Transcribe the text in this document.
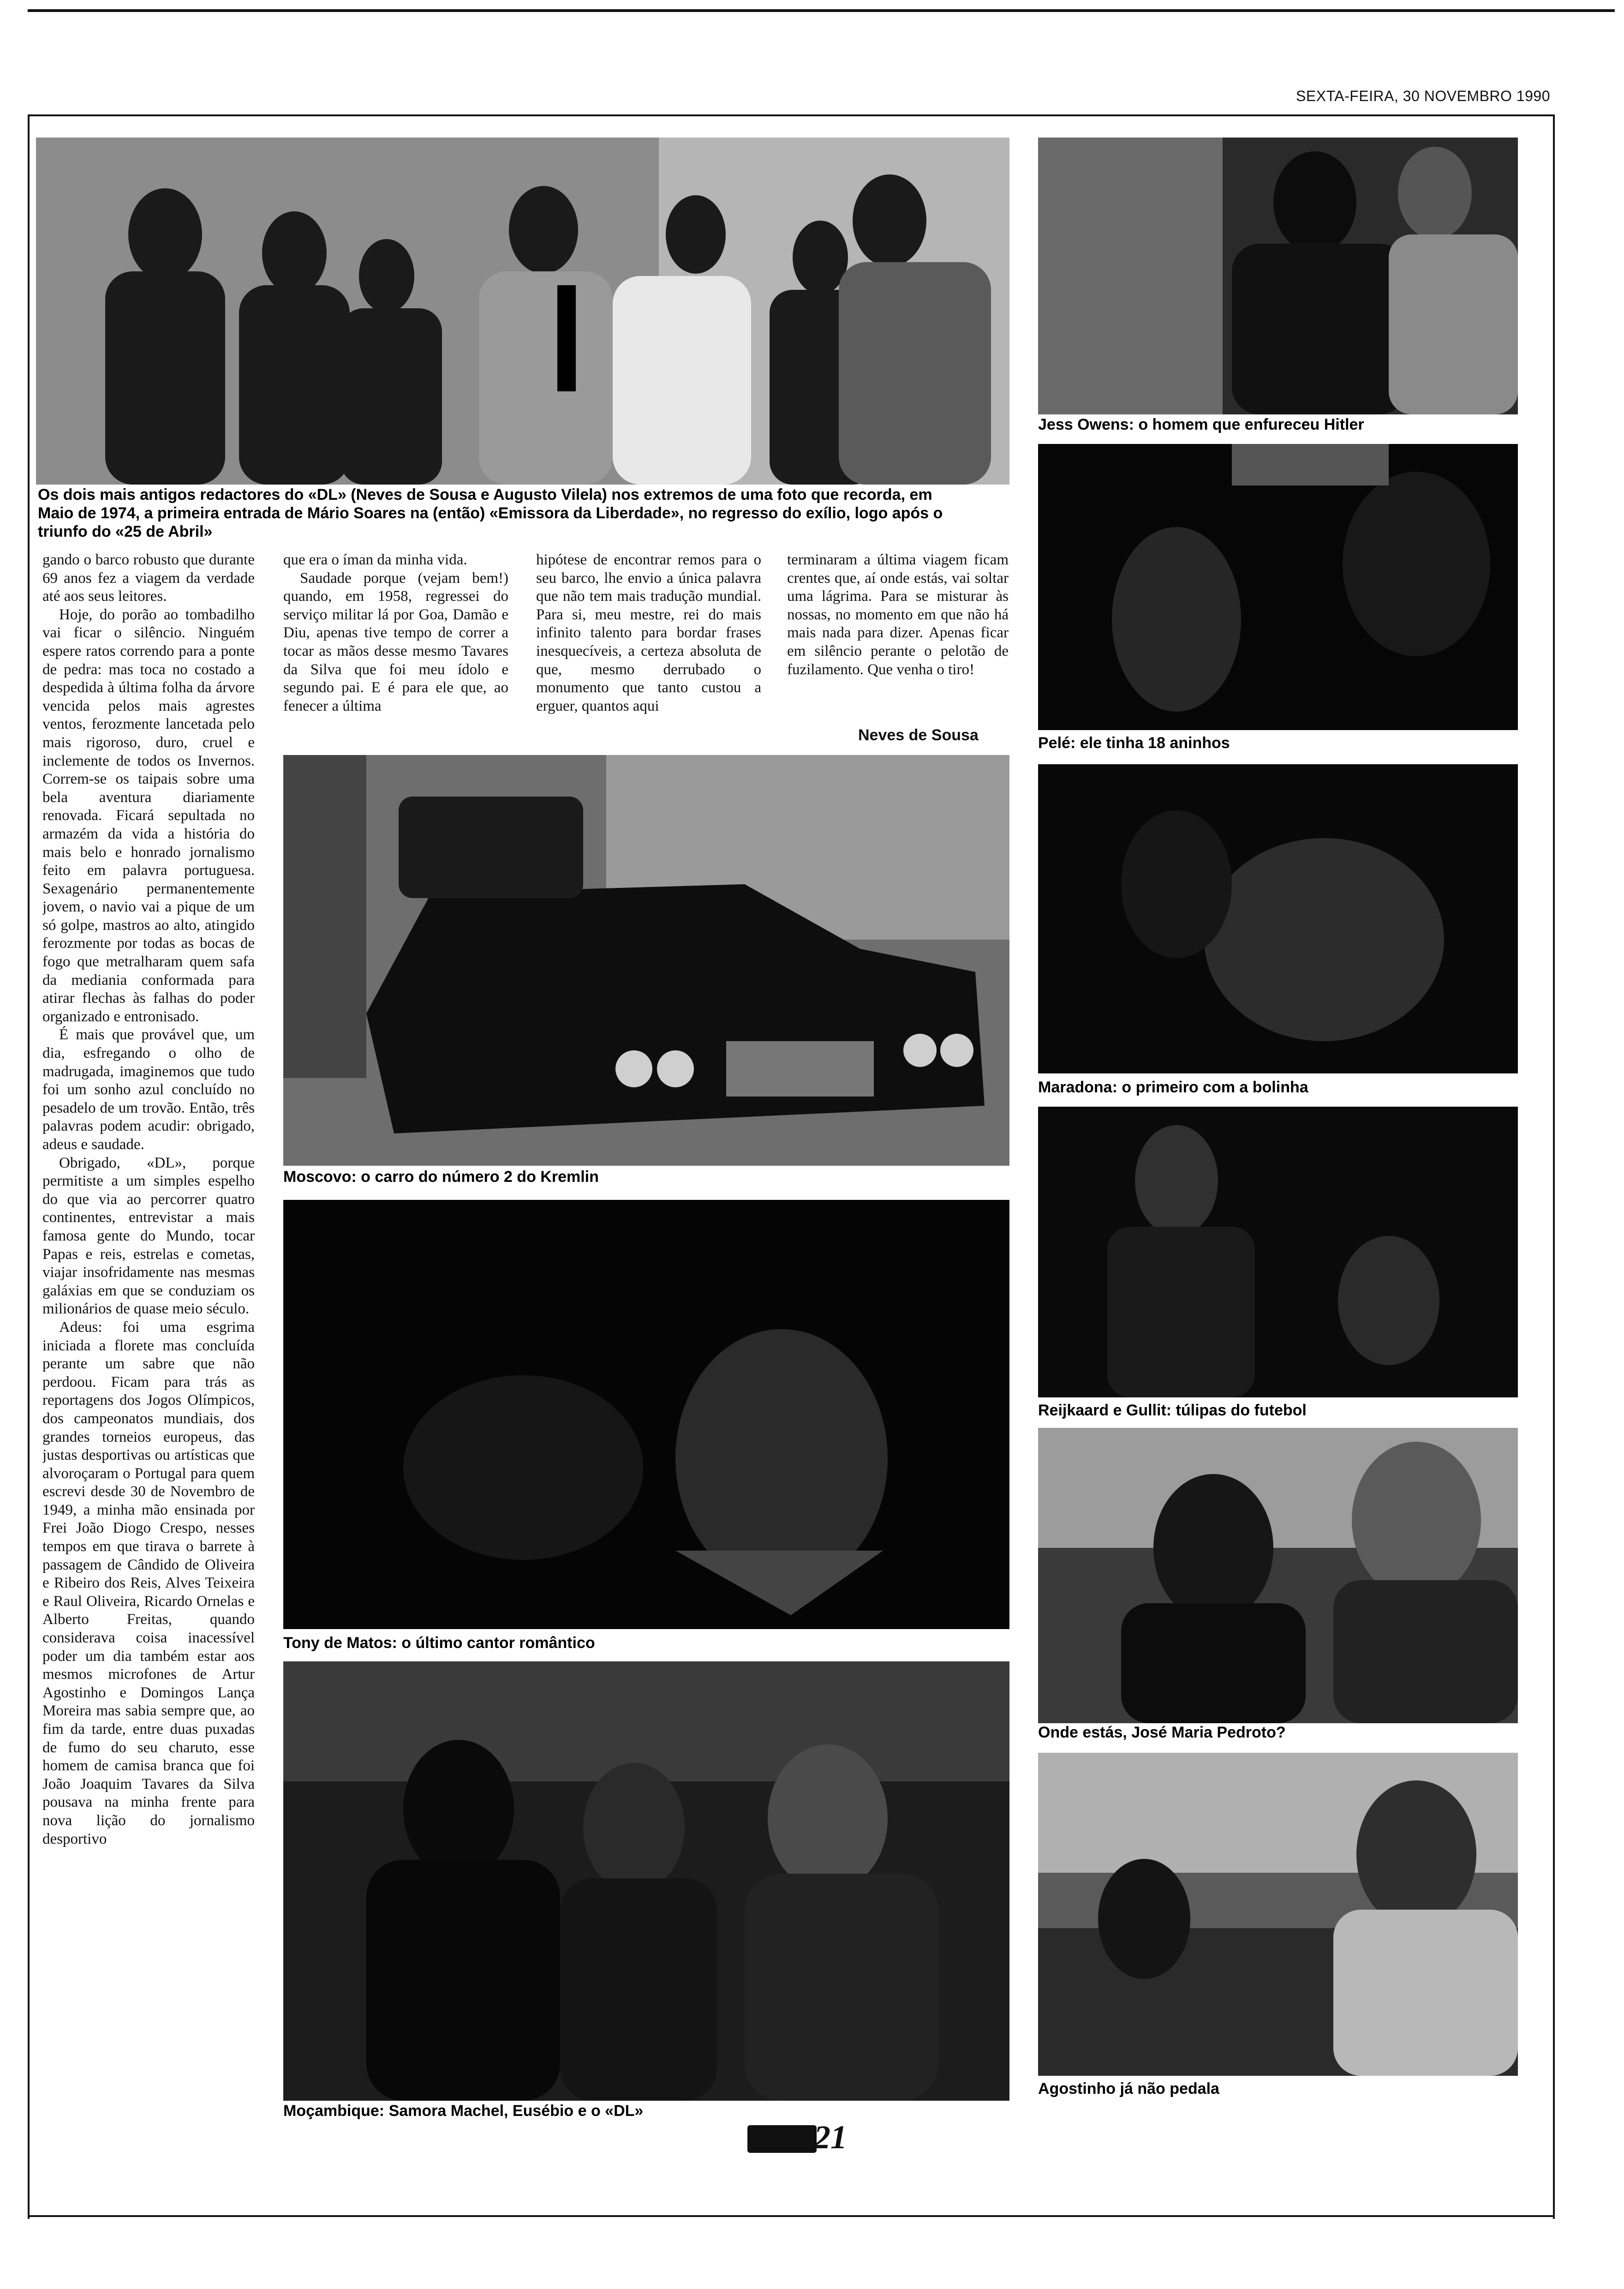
SEXTA-FEIRA, 30 NOVEMBRO 1990
Os dois mais antigos redactores do «DL» (Neves de Sousa e Augusto Vilela) nos extremos de uma foto que recorda, em Maio de 1974, a primeira entrada de Mário Soares na (então) «Emissora da Liberdade», no regresso do exílio, logo após o triunfo do «25 de Abril»

gando o barco robusto que durante 69 anos fez a viagem da verdade até aos seus leitores.

Hoje, do porão ao tombadilho vai ficar o silêncio. Ninguém espere ratos correndo para a ponte de pedra: mas toca no costado a despedida à última folha da árvore vencida pelos mais agrestes ventos, ferozmente lancetada pelo mais rigoroso, duro, cruel e inclemente de todos os Invernos. Correm-se os taipais sobre uma bela aventura diariamente renovada. Ficará sepultada no armazém da vida a história do mais belo e honrado jornalismo feito em palavra portuguesa. Sexagenário permanentemente jovem, o navio vai a pique de um só golpe, mastros ao alto, atingido ferozmente por todas as bocas de fogo que metralharam quem safa da mediania conformada para atirar flechas às falhas do poder organizado e entronisado.

É mais que provável que, um dia, esfregando o olho de madrugada, imaginemos que tudo foi um sonho azul concluído no pesadelo de um trovão. Então, três palavras podem acudir: obrigado, adeus e saudade.

Obrigado, «DL», porque permitiste a um simples espelho do que via ao percorrer quatro continentes, entrevistar a mais famosa gente do Mundo, tocar Papas e reis, estrelas e cometas, viajar insofridamente nas mesmas galáxias em que se conduziam os milionários de quase meio século.

Adeus: foi uma esgrima iniciada a florete mas concluída perante um sabre que não perdoou. Ficam para trás as reportagens dos Jogos Olímpicos, dos campeonatos mundiais, dos grandes torneios europeus, das justas desportivas ou artísticas que alvoroçaram o Portugal para quem escrevi desde 30 de Novembro de 1949, a minha mão ensinada por Frei João Diogo Crespo, nesses tempos em que tirava o barrete à passagem de Cândido de Oliveira e Ribeiro dos Reis, Alves Teixeira e Raul Oliveira, Ricardo Ornelas e Alberto Freitas, quando considerava coisa inacessível poder um dia também estar aos mesmos microfones de Artur Agostinho e Domingos Lança Moreira mas sabia sempre que, ao fim da tarde, entre duas puxadas de fumo do seu charuto, esse homem de camisa branca que foi João Joaquim Tavares da Silva pousava na minha frente para nova lição do jornalismo desportivo

que era o íman da minha vida.

Saudade porque (vejam bem!) quando, em 1958, regressei do serviço militar lá por Goa, Damão e Diu, apenas tive tempo de correr a tocar as mãos desse mesmo Tavares da Silva que foi meu ídolo e segundo pai. E é para ele que, ao fenecer a última

hipótese de encontrar remos para o seu barco, lhe envio a única palavra que não tem mais tradução mundial. Para si, meu mestre, rei do mais infinito talento para bordar frases inesquecíveis, a certeza absoluta de que, mesmo derrubado o monumento que tanto custou a erguer, quantos aqui

terminaram a última viagem ficam crentes que, aí onde estás, vai soltar uma lágrima. Para se misturar às nossas, no momento em que não há mais nada para dizer. Apenas ficar em silêncio perante o pelotão de fuzilamento. Que venha o tiro!

Neves de Sousa
Moscovo: o carro do número 2 do Kremlin
Tony de Matos: o último cantor romântico
Moçambique: Samora Machel, Eusébio e o «DL»
Jess Owens: o homem que enfureceu Hitler
Pelé: ele tinha 18 aninhos
Maradona: o primeiro com a bolinha
Reijkaard e Gullit: túlipas do futebol
Onde estás, José Maria Pedroto?
Agostinho já não pedala
21
